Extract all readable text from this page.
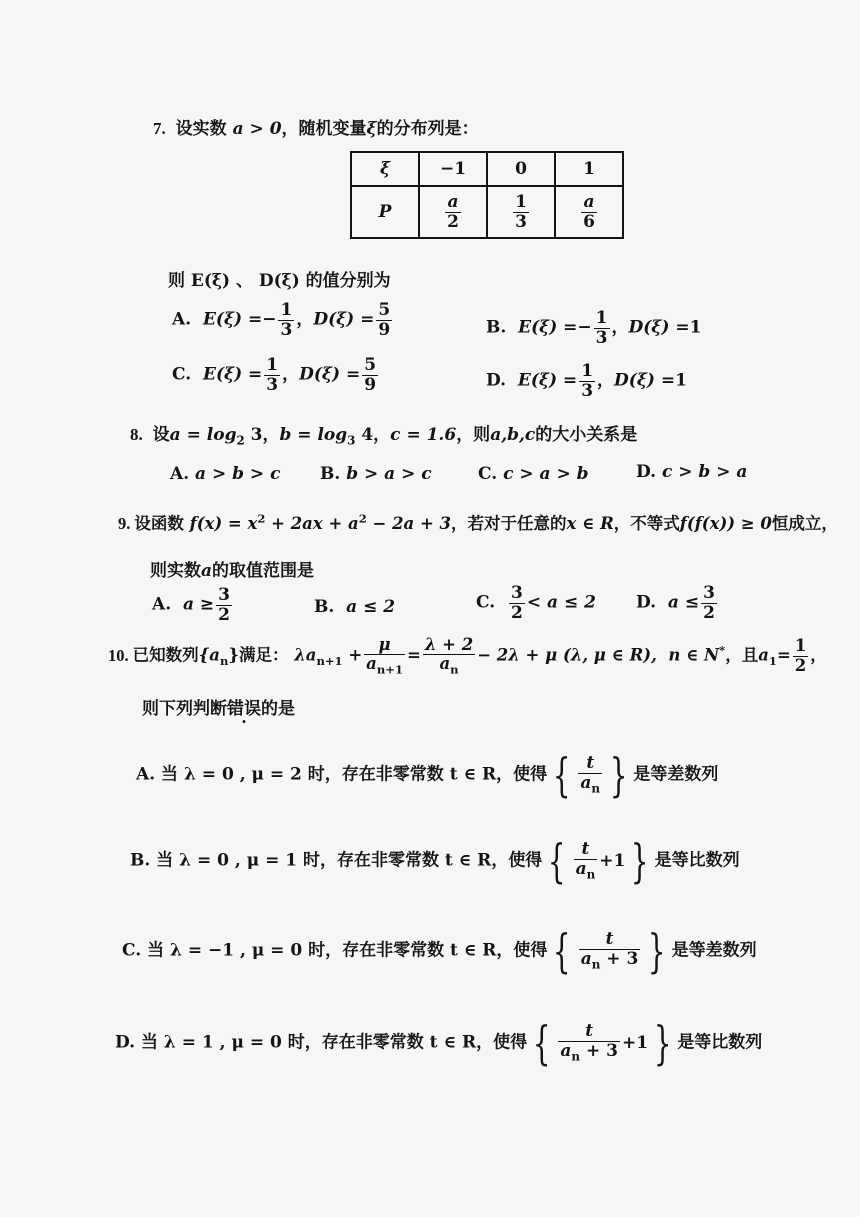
7. 设实数 a > 0，随机变量ξ的分布列是：
ξ	−1	0	1
P	$\frac{a}{2}$	$\frac{1}{3}$	$\frac{a}{6}$
则 E(ξ) 、 D(ξ) 的值分别为
A.  $E(\xi) =- \frac{1}{3}$ ，$D(\xi) = \frac{5}{9}$	B.  $E(\xi) =- \frac{1}{3}$ ，D(ξ) =1
C.  $E(\xi) = \frac{1}{3}$ ，$D(\xi) = \frac{5}{9}$	D.  $E(\xi) = \frac{1}{3}$ ，D(ξ) =1
8. 设$a = \log_2 3$，$b = \log_3 4$，c = 1.6，则a,b,c的大小关系是
A. a > b > c B. b > a > c	C. c > a > b	D. c > b > a
9. 设函数 $f(x) = x^2 + 2ax + a^2 - 2a + 3$，若对于任意的x ∈ R，不等式f(f(x)) ≥ 0恒成立，
则实数a的取值范围是
A. $a \ge \frac{3}{2}$	B. a ≤ 2	C. $\frac{3}{2} < a \le 2$ D. $a \le \frac{3}{2}$
10. 已知数列$\{a_n\}$满足： $\lambda a_{n+1} + \frac{\mu}{a_{n+1}} = \frac{\lambda + 2}{a_n} - 2\lambda + \mu$ (λ, μ ∈ R), n ∈ N*，且$a_1= \frac{1}{2}$ ，
则下列判断错误的是
A. 当 λ = 0 , μ = 2 时，存在非零常数 t ∈ R，使得 { $\frac{t}{a_n}$ } 是等差数列
B. 当 λ = 0 , μ = 1 时，存在非零常数 t ∈ R，使得 { $\frac{t}{a_n} +1$ } 是等比数列
C. 当 λ = −1 , μ = 0 时，存在非零常数 t ∈ R，使得 { $\frac{t}{a_n + 3}$ } 是等差数列
D. 当 λ = 1 , μ = 0 时，存在非零常数 t ∈ R，使得 { $\frac{t}{a_n + 3} +1$ } 是等比数列
